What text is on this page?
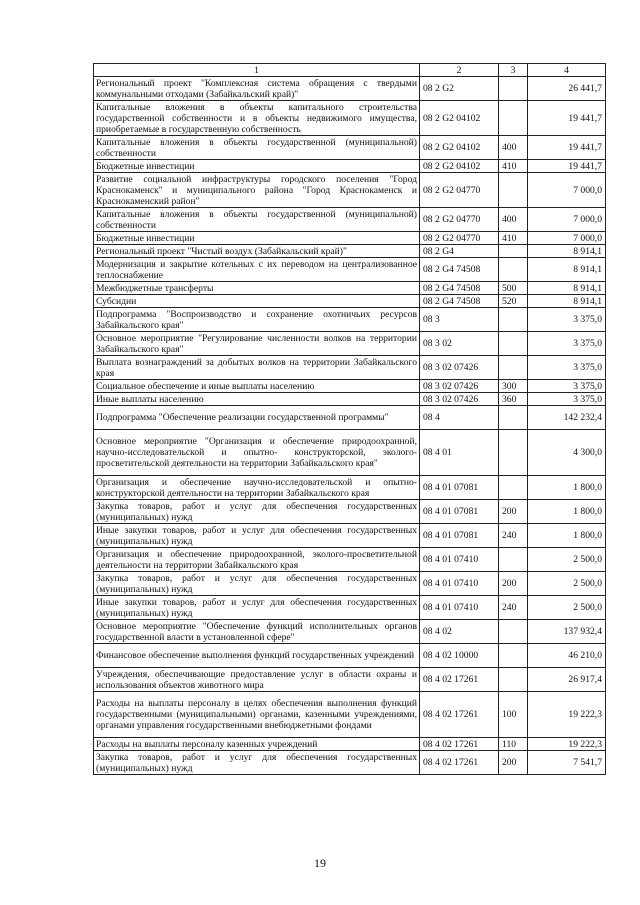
1	2	3	4
Региональный проект "Комплексная система обращения с твердыми коммунальными отходами (Забайкальский край)"	08 2 G2		26 441,7
Капитальные вложения в объекты капитального строительства государственной собственности и в объекты недвижимого имущества, приобретаемые в государственную собственность	08 2 G2 04102		19 441,7
Капитальные вложения в объекты государственной (муниципальной) собственности	08 2 G2 04102	400	19 441,7
Бюджетные инвестиции	08 2 G2 04102	410	19 441,7
Развитие социальной инфраструктуры городского поселения "Город Краснокаменск" и муниципального района "Город Краснокаменск и Краснокаменский район"	08 2 G2 04770		7 000,0
Капитальные вложения в объекты государственной (муниципальной) собственности	08 2 G2 04770	400	7 000,0
Бюджетные инвестиции	08 2 G2 04770	410	7 000,0
Региональный проект "Чистый воздух (Забайкальский край)"	08 2 G4		8 914,1
Модернизация и закрытие котельных с их переводом на централизованное теплоснабжение	08 2 G4 74508		8 914,1
Межбюджетные трансферты	08 2 G4 74508	500	8 914,1
Субсидии	08 2 G4 74508	520	8 914,1
Подпрограмма "Воспроизводство и сохранение охотничьих ресурсов Забайкальского края"	08 3		3 375,0
Основное мероприятие "Регулирование численности волков на территории Забайкальского края"	08 3 02		3 375,0
Выплата вознаграждений за добытых волков на территории Забайкальского края	08 3 02 07426		3 375,0
Социальное обеспечение и иные выплаты населению	08 3 02 07426	300	3 375,0
Иные выплаты населению	08 3 02 07426	360	3 375,0
Подпрограмма "Обеспечение реализации государственной программы"	08 4		142 232,4
Основное мероприятие "Организация и обеспечение природоохранной, научно-исследовательской и опытно- конструкторской, эколого-просветительской деятельности на территории Забайкальского края"	08 4 01		4 300,0
Организация и обеспечение научно-исследовательской и опытно-конструкторской деятельности на территории Забайкальского края	08 4 01 07081		1 800,0
Закупка товаров, работ и услуг для обеспечения государственных (муниципальных) нужд	08 4 01 07081	200	1 800,0
Иные закупки товаров, работ и услуг для обеспечения государственных (муниципальных) нужд	08 4 01 07081	240	1 800,0
Организация и обеспечение природоохранной, эколого-просветительной деятельности на территории Забайкальского края	08 4 01 07410		2 500,0
Закупка товаров, работ и услуг для обеспечения государственных (муниципальных) нужд	08 4 01 07410	200	2 500,0
Иные закупки товаров, работ и услуг для обеспечения государственных (муниципальных) нужд	08 4 01 07410	240	2 500,0
Основное мероприятие "Обеспечение функций исполнительных органов государственной власти в установленной сфере"	08 4 02		137 932,4
Финансовое обеспечение выполнения функций государственных учреждений	08 4 02 10000		46 210,0
Учреждения, обеспечивающие предоставление услуг в области охраны и использования объектов животного мира	08 4 02 17261		26 917,4
Расходы на выплаты персоналу в целях обеспечения выполнения функций государственными (муниципальными) органами, казенными учреждениями, органами управления государственными внебюджетными фондами	08 4 02 17261	100	19 222,3
Расходы на выплаты персоналу казенных учреждений	08 4 02 17261	110	19 222,3
Закупка товаров, работ и услуг для обеспечения государственных (муниципальных) нужд	08 4 02 17261	200	7 541,7
19
